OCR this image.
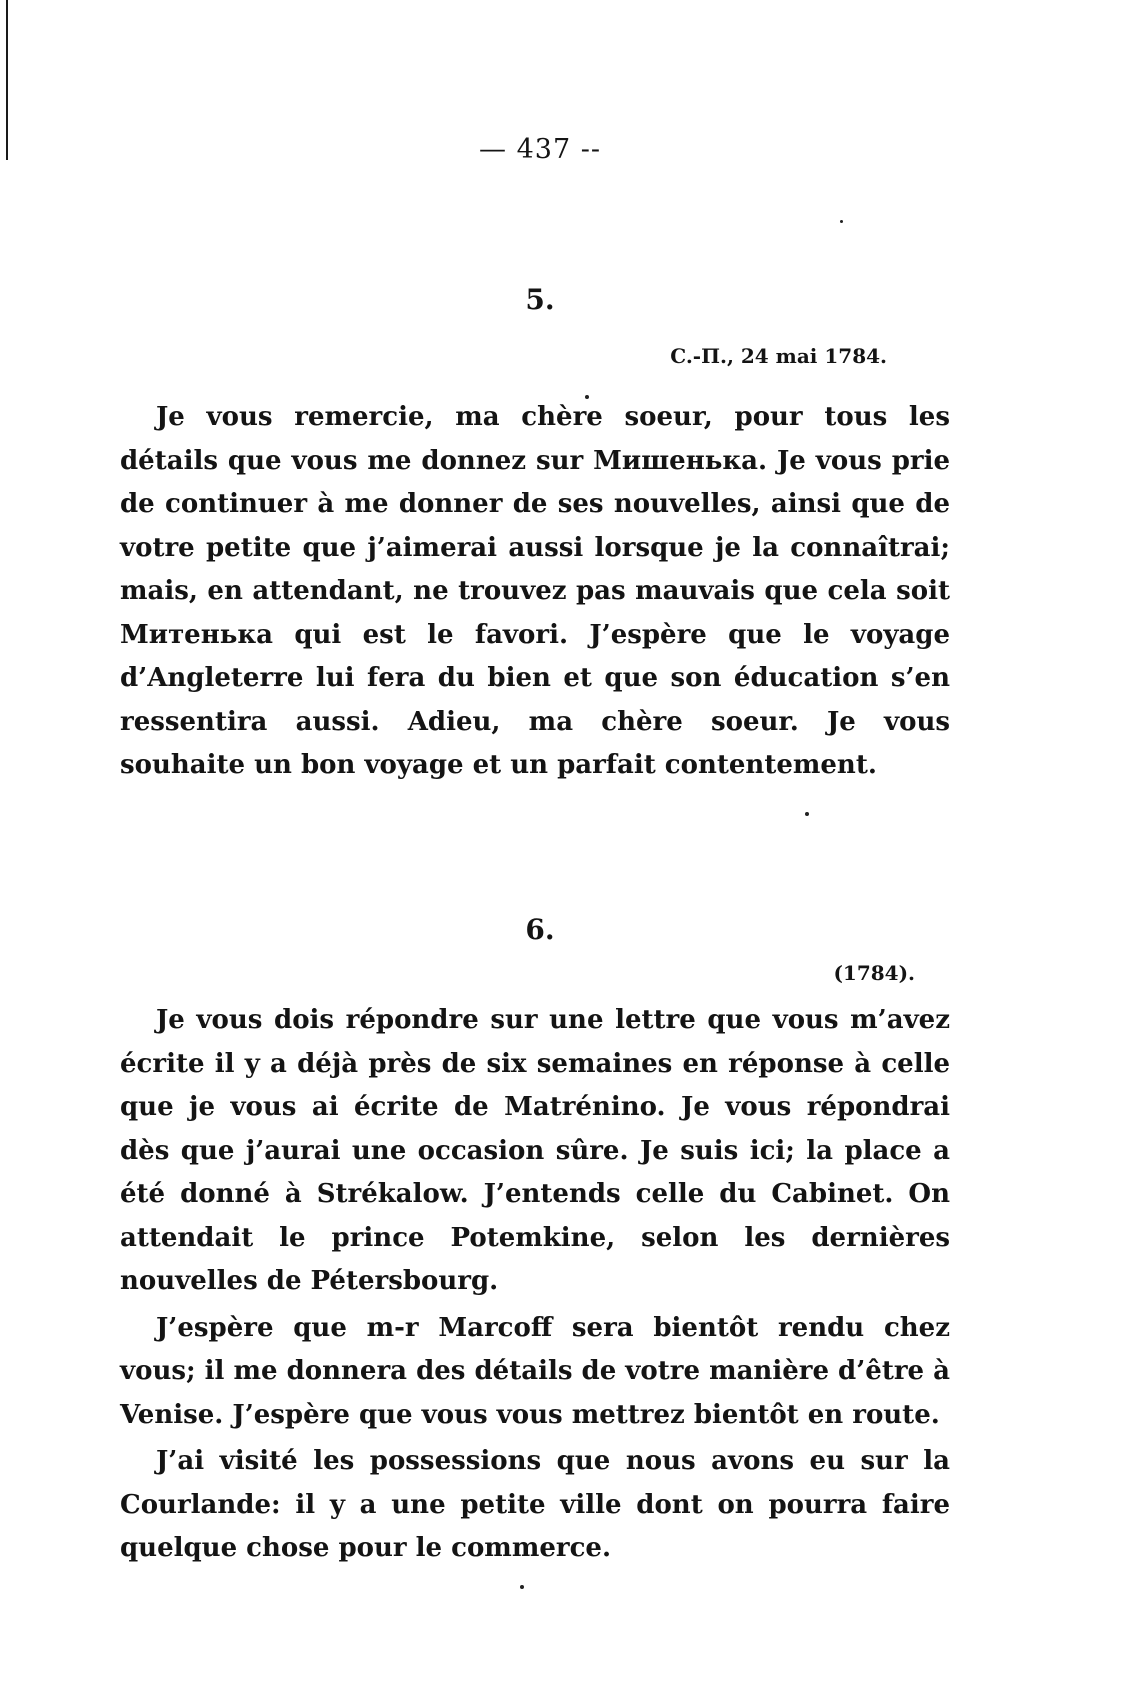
— 437 --
5.
C.-П., 24 mai 1784.

Je vous remercie, ma chère soeur, pour tous les détails que vous me donnez sur Мишенька. Je vous prie de continuer à me donner de ses nouvelles, ainsi que de votre petite que j’aimerai aussi lorsque je la connaîtrai; mais, en attendant, ne trouvez pas mauvais que cela soit Митенька qui est le favori. J’espère que le voyage d’Angleterre lui fera du bien et que son éducation s’en ressentira aussi. Adieu, ma chère soeur. Je vous souhaite un bon voyage et un parfait contentement.

6.
(1784).

Je vous dois répondre sur une lettre que vous m’avez écrite il y a déjà près de six semaines en réponse à celle que je vous ai écrite de Matrénino. Je vous répondrai dès que j’aurai une occasion sûre. Je suis ici; la place a été donné à Strékalow. J’entends celle du Cabinet. On attendait le prince Potemkine, selon les dernières nouvelles de Pétersbourg.

J’espère que m-r Marcoff sera bientôt rendu chez vous; il me donnera des détails de votre manière d’être à Venise. J’espère que vous vous mettrez bientôt en route.

J’ai visité les possessions que nous avons eu sur la Courlande: il y a une petite ville dont on pourra faire quelque chose pour le commerce.
